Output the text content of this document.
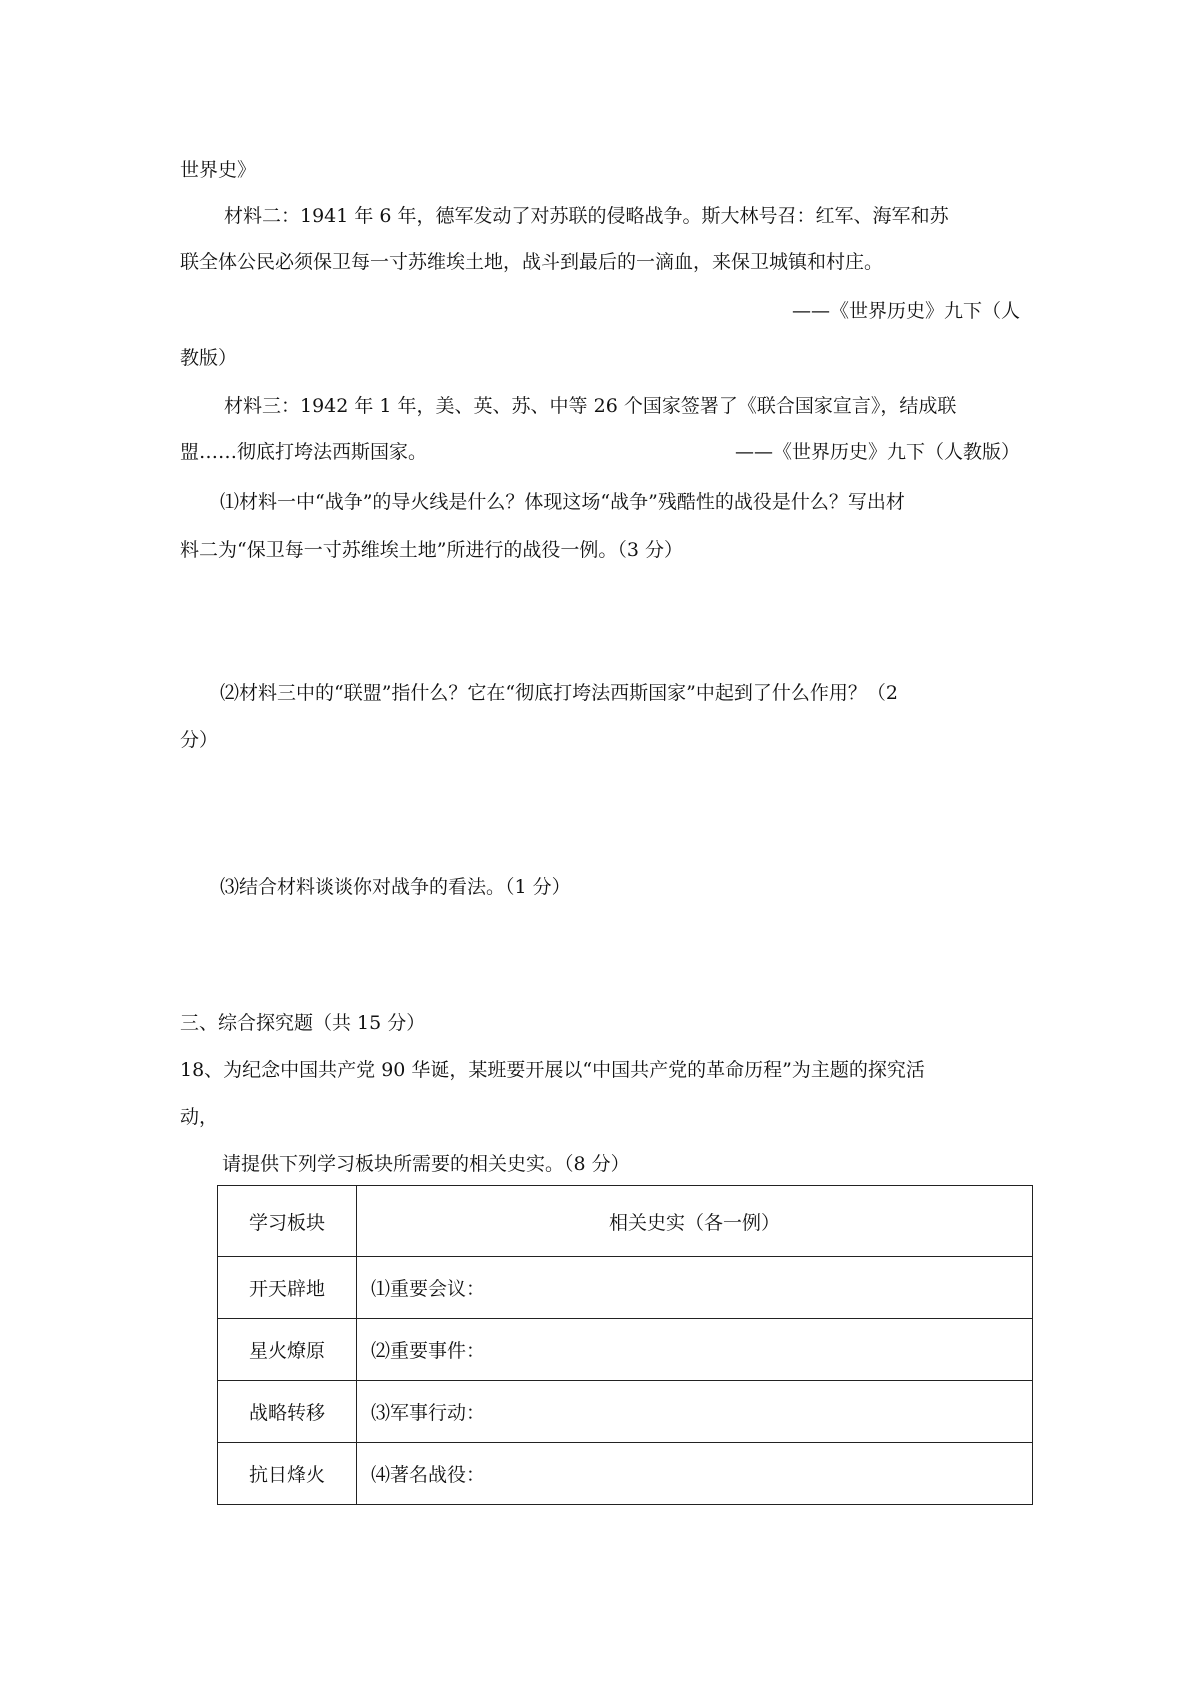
世界史》
材料二：1941 年 6 年，德军发动了对苏联的侵略战争。斯大林号召：红军、海军和苏
联全体公民必须保卫每一寸苏维埃土地，战斗到最后的一滴血，来保卫城镇和村庄。
——《世界历史》九下（人
教版）
材料三：1942 年 1 年，美、英、苏、中等 26 个国家签署了《联合国家宣言》，结成联
盟……彻底打垮法西斯国家。	——《世界历史》九下（人教版）
⑴材料一中“战争”的导火线是什么？体现这场“战争”残酷性的战役是什么？写出材
料二为“保卫每一寸苏维埃土地”所进行的战役一例。（3 分）
⑵材料三中的“联盟”指什么？它在“彻底打垮法西斯国家”中起到了什么作用？（2
分）
⑶结合材料谈谈你对战争的看法。（1 分）
三、综合探究题（共 15 分）
18、为纪念中国共产党 90 华诞，某班要开展以“中国共产党的革命历程”为主题的探究活
动，
请提供下列学习板块所需要的相关史实。（8 分）
学习板块	相关史实（各一例）
开天辟地	⑴重要会议：
星火燎原	⑵重要事件：
战略转移	⑶军事行动：
抗日烽火	⑷著名战役：
